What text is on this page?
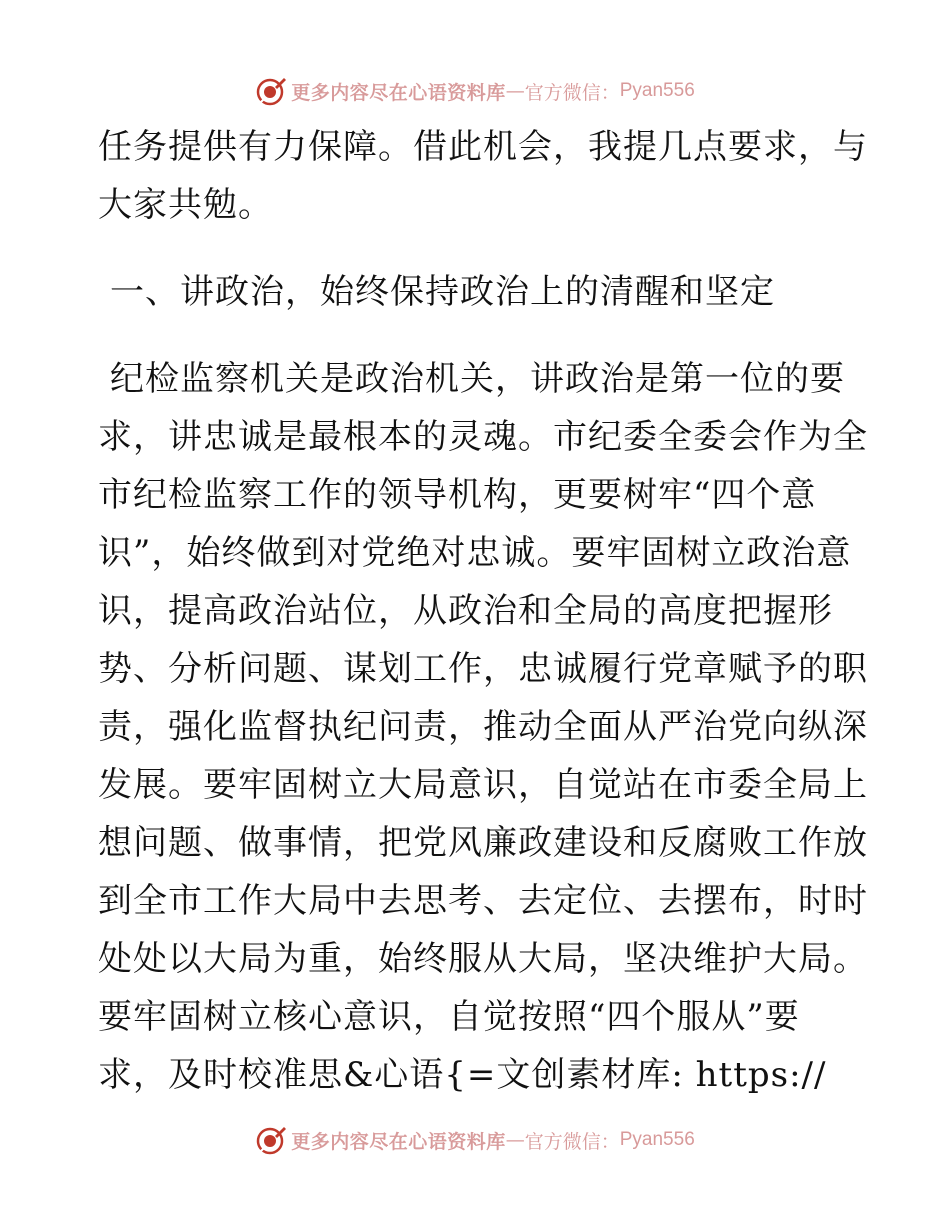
更多内容尽在心语资料库 — 官方微信： Pyan556
任务提供有力保障。借此机会，我提几点要求，与
大家共勉。
一、讲政治，始终保持政治上的清醒和坚定
纪检监察机关是政治机关，讲政治是第一位的要
求，讲忠诚是最根本的灵魂。市纪委全委会作为全
市纪检监察工作的领导机构，更要树牢“四个意
识”，始终做到对党绝对忠诚。要牢固树立政治意
识，提高政治站位，从政治和全局的高度把握形
势、分析问题、谋划工作，忠诚履行党章赋予的职
责，强化监督执纪问责，推动全面从严治党向纵深
发展。要牢固树立大局意识，自觉站在市委全局上
想问题、做事情，把党风廉政建设和反腐败工作放
到全市工作大局中去思考、去定位、去摆布，时时
处处以大局为重，始终服从大局，坚决维护大局。
要牢固树立核心意识，自觉按照“四个服从”要
求，及时校准思&心语{=文创素材库: https://
更多内容尽在心语资料库 — 官方微信： Pyan556
